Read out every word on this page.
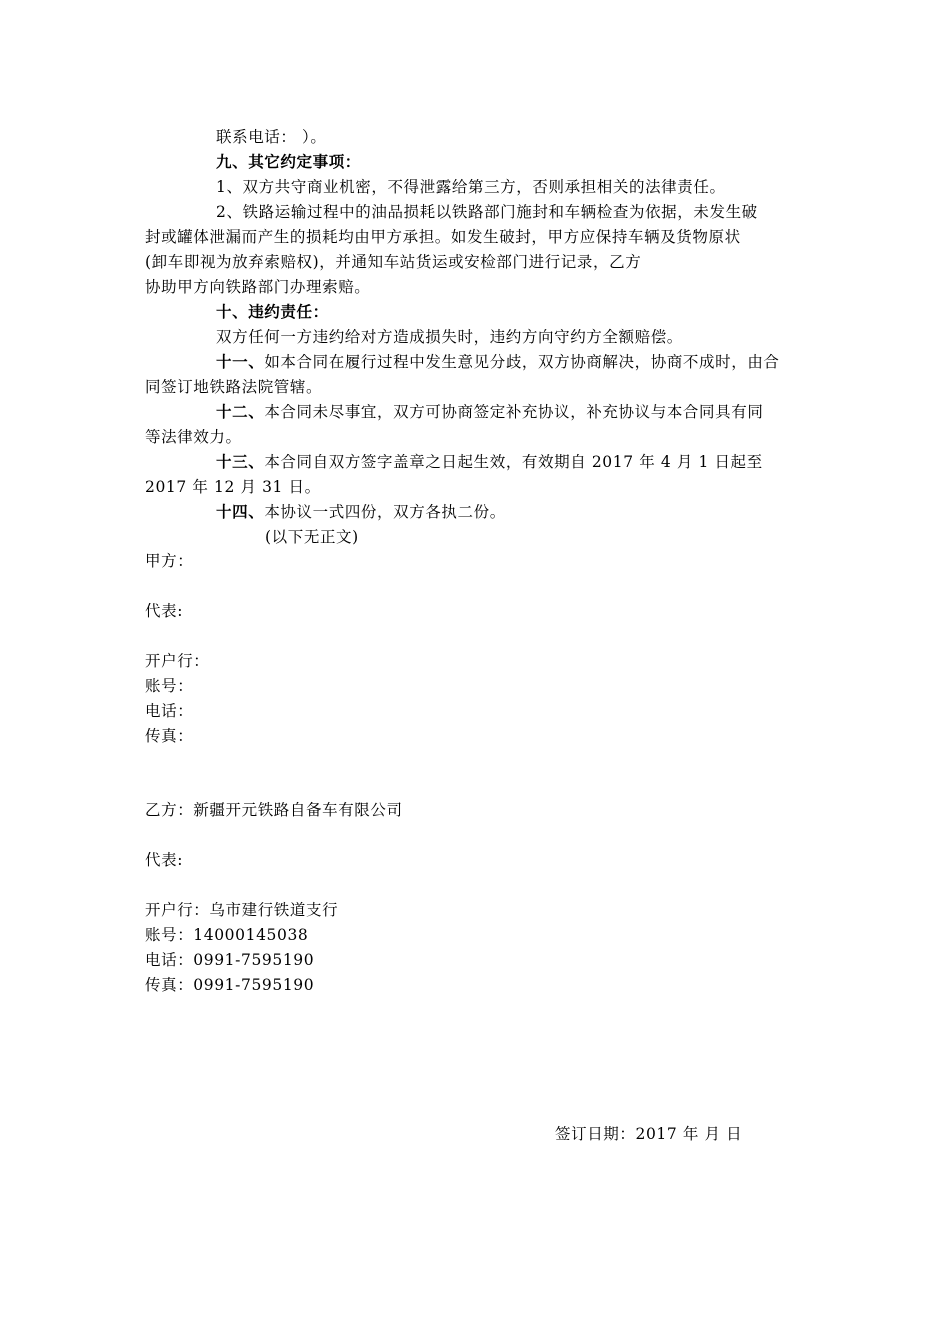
联系电话： ）。
九、其它约定事项：
1、双方共守商业机密，不得泄露给第三方，否则承担相关的法律责任。
2、铁路运输过程中的油品损耗以铁路部门施封和车辆检查为依据，未发生破
封或罐体泄漏而产生的损耗均由甲方承担。如发生破封，甲方应保持车辆及货物原状
(卸车即视为放弃索赔权)，并通知车站货运或安检部门进行记录，乙方
协助甲方向铁路部门办理索赔。
十、违约责任：
双方任何一方违约给对方造成损失时，违约方向守约方全额赔偿。
十一、如本合同在履行过程中发生意见分歧，双方协商解决，协商不成时，由合
同签订地铁路法院管辖。
十二、本合同未尽事宜，双方可协商签定补充协议，补充协议与本合同具有同
等法律效力。
十三、本合同自双方签字盖章之日起生效，有效期自 2017 年 4 月 1 日起至
2017 年 12 月 31 日。
十四、本协议一式四份，双方各执二份。
(以下无正文)
甲方：
代表:
开户行：
账号：
电话：
传真：
乙方：新疆开元铁路自备车有限公司
代表:
开户行：乌市建行铁道支行
账号：14000145038
电话：0991-7595190
传真：0991-7595190
签订日期：2017 年 月 日
